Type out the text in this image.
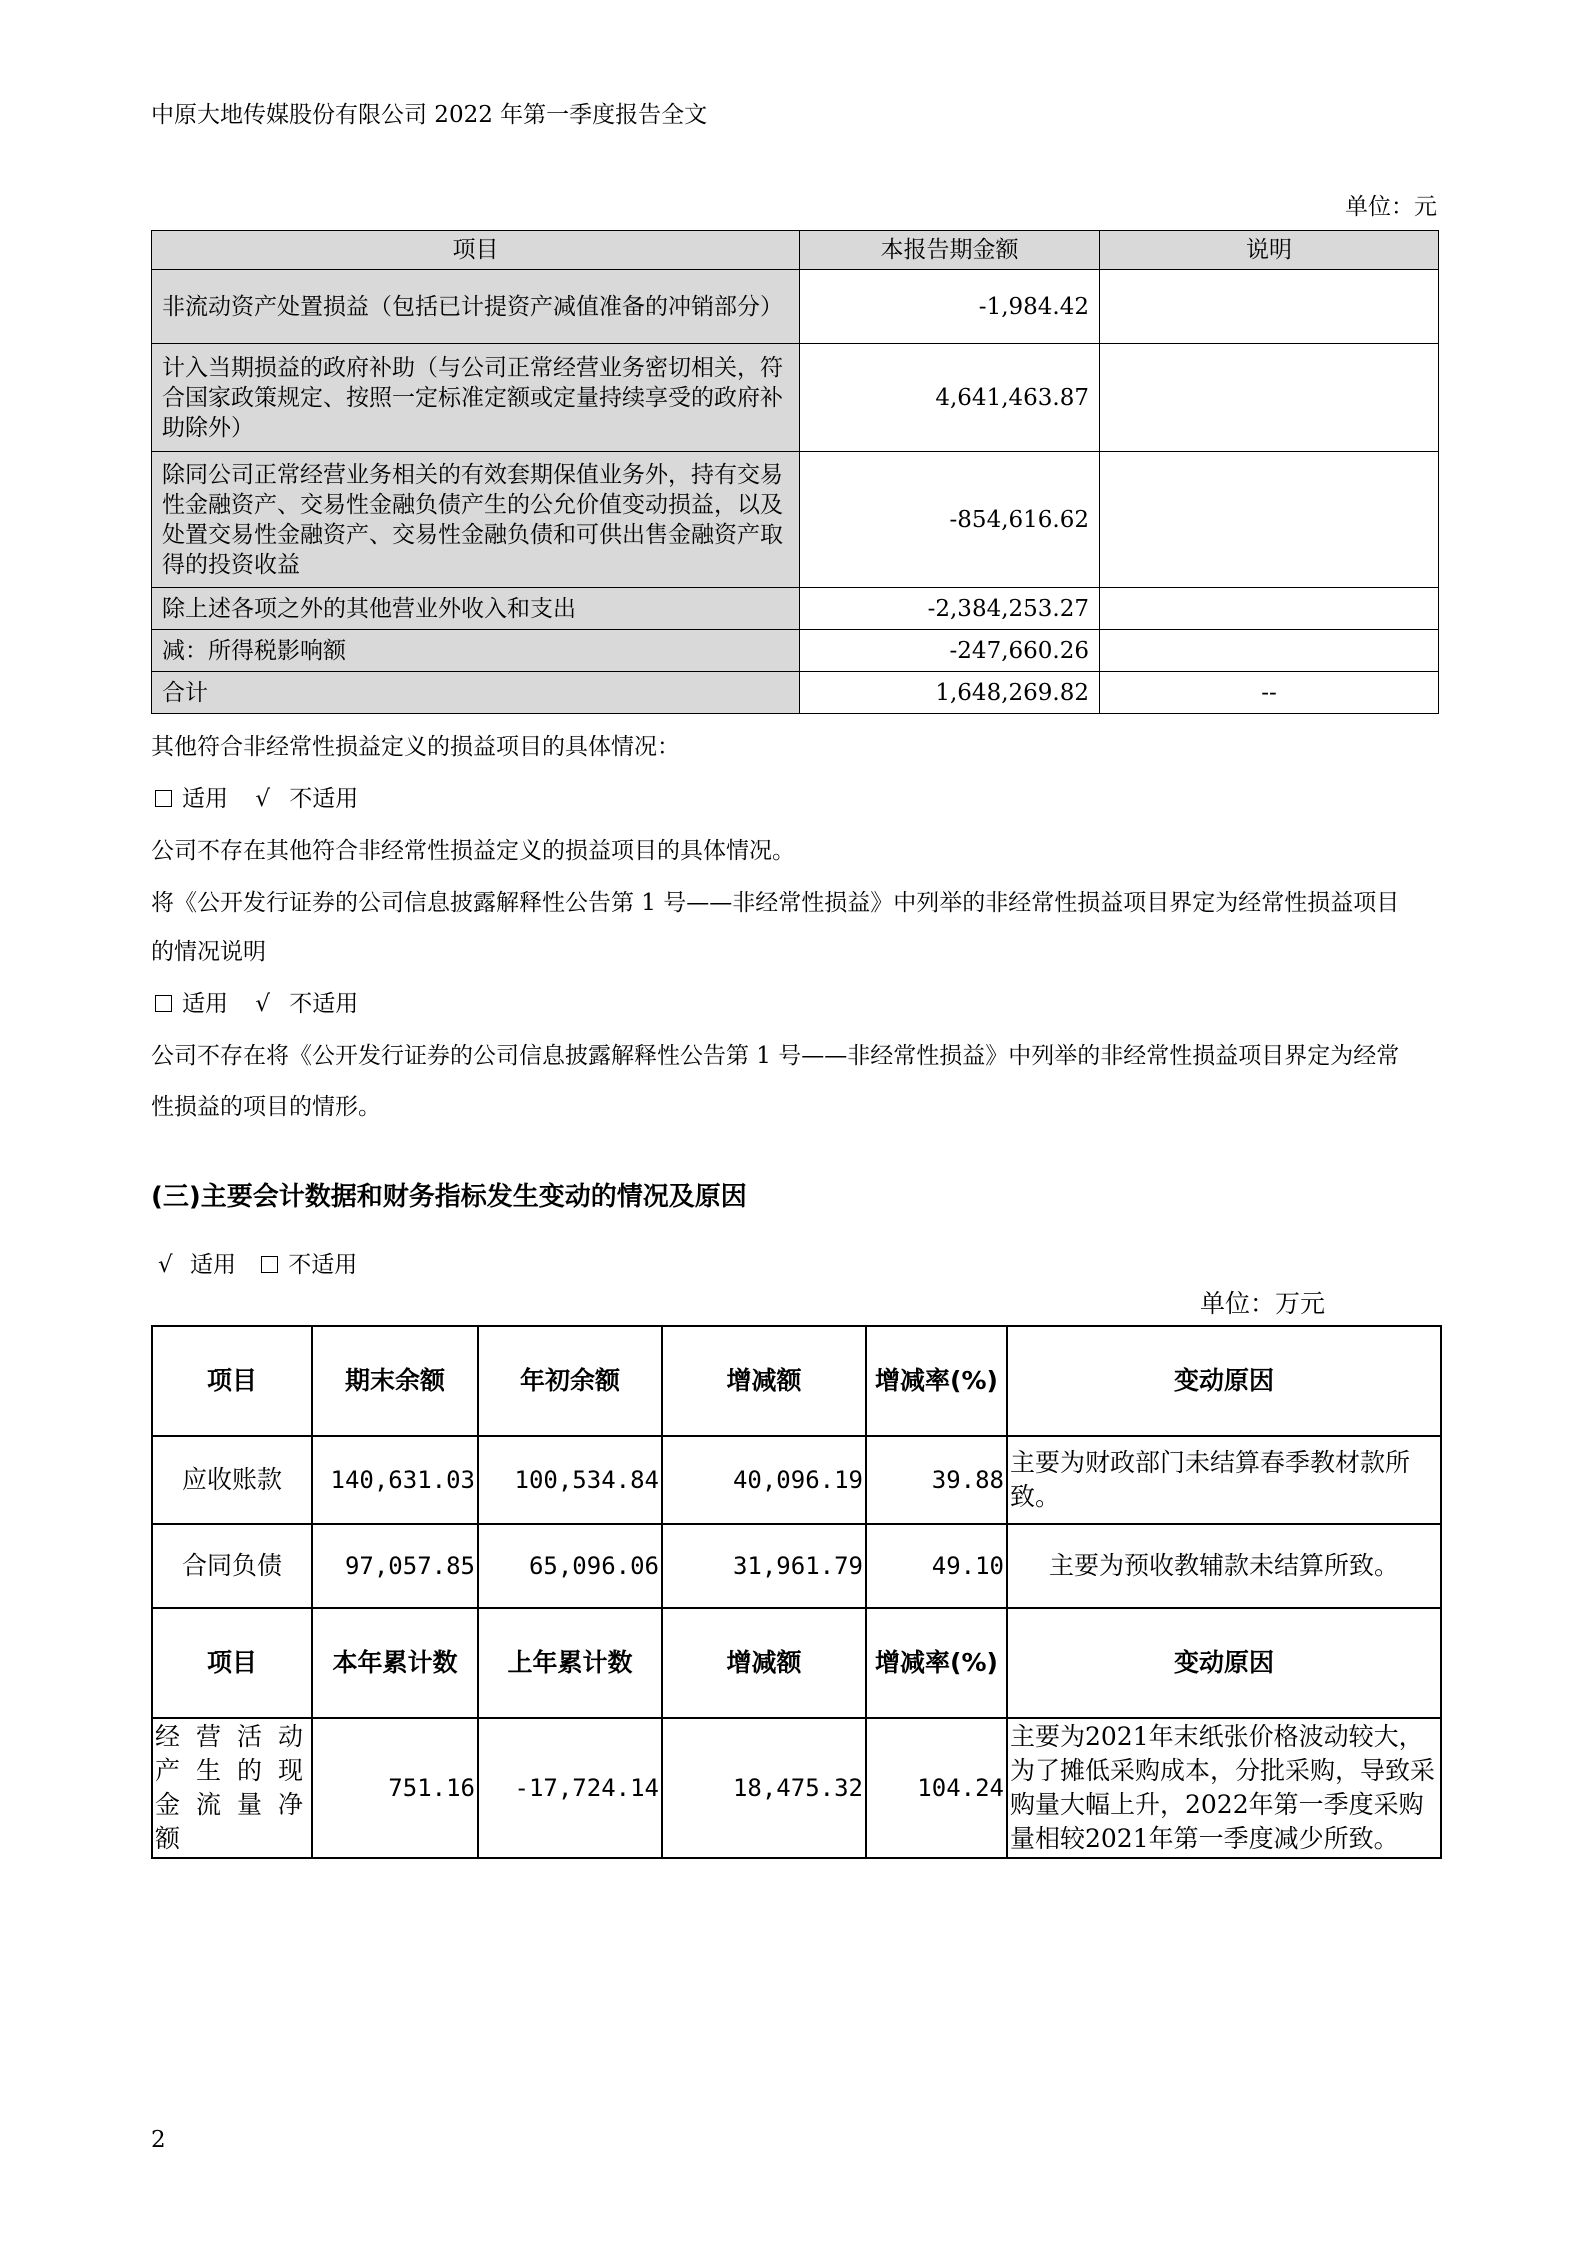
中原大地传媒股份有限公司 2022 年第一季度报告全文
单位：元
项目	本报告期金额	说明
非流动资产处置损益（包括已计提资产减值准备的冲销部分）	-1,984.42	
计入当期损益的政府补助（与公司正常经营业务密切相关，符合国家政策规定、按照一定标准定额或定量持续享受的政府补助除外）	4,641,463.87	
除同公司正常经营业务相关的有效套期保值业务外，持有交易性金融资产、交易性金融负债产生的公允价值变动损益，以及处置交易性金融资产、交易性金融负债和可供出售金融资产取得的投资收益	-854,616.62	
除上述各项之外的其他营业外收入和支出	-2,384,253.27	
减：所得税影响额	-247,660.26	
合计	1,648,269.82	--
其他符合非经常性损益定义的损益项目的具体情况：
适用 √ 不适用
公司不存在其他符合非经常性损益定义的损益项目的具体情况。
将《公开发行证券的公司信息披露解释性公告第 1 号——非经常性损益》中列举的非经常性损益项目界定为经常性损益项目
的情况说明
适用 √ 不适用
公司不存在将《公开发行证券的公司信息披露解释性公告第 1 号——非经常性损益》中列举的非经常性损益项目界定为经常
性损益的项目的情形。
(三)主要会计数据和财务指标发生变动的情况及原因
√ 适用 不适用
单位：万元
项目	期末余额	年初余额	增减额	增减率(%)	变动原因
应收账款	140,631.03	100,534.84	40,096.19	39.88	主要为财政部门未结算春季教材款所致。
合同负债	97,057.85	65,096.06	31,961.79	49.10	主要为预收教辅款未结算所致。
项目	本年累计数	上年累计数	增减额	增减率(%)	变动原因
经营活动产生的现金流量净额	751.16	-17,724.14	18,475.32	104.24	主要为2021年末纸张价格波动较大，为了摊低采购成本，分批采购，导致采购量大幅上升，2022年第一季度采购量相较2021年第一季度减少所致。
2
